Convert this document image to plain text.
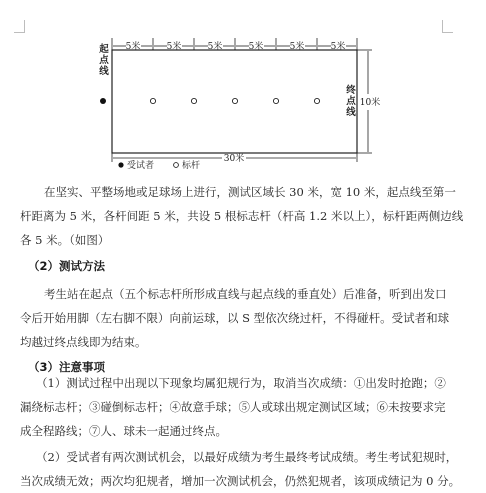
5米	5米	5米	5米	5米	5米
起
点
线
终
点
线
10米
30米
受试者	标杆
在坚实、平整场地或足球场上进行，测试区域长 30 米，宽 10 米，起点线至第一
杆距离为 5 米，各杆间距 5 米，共设 5 根标志杆（杆高 1.2 米以上），标杆距两侧边线
各 5 米。（如图）
（2）测试方法
考生站在起点（五个标志杆所形成直线与起点线的垂直处）后准备，听到出发口
令后开始用脚（左右脚不限）向前运球，以 S 型依次绕过杆，不得碰杆。受试者和球
均越过终点线即为结束。
（3）注意事项
（1）测试过程中出现以下现象均属犯规行为，取消当次成绩：①出发时抢跑；②
漏绕标志杆；③碰倒标志杆；④故意手球；⑤人或球出规定测试区域；⑥未按要求完
成全程路线；⑦人、球未一起通过终点。
（2）受试者有两次测试机会，以最好成绩为考生最终考试成绩。考生考试犯规时，
当次成绩无效；两次均犯规者，增加一次测试机会，仍然犯规者，该项成绩记为 0 分。
